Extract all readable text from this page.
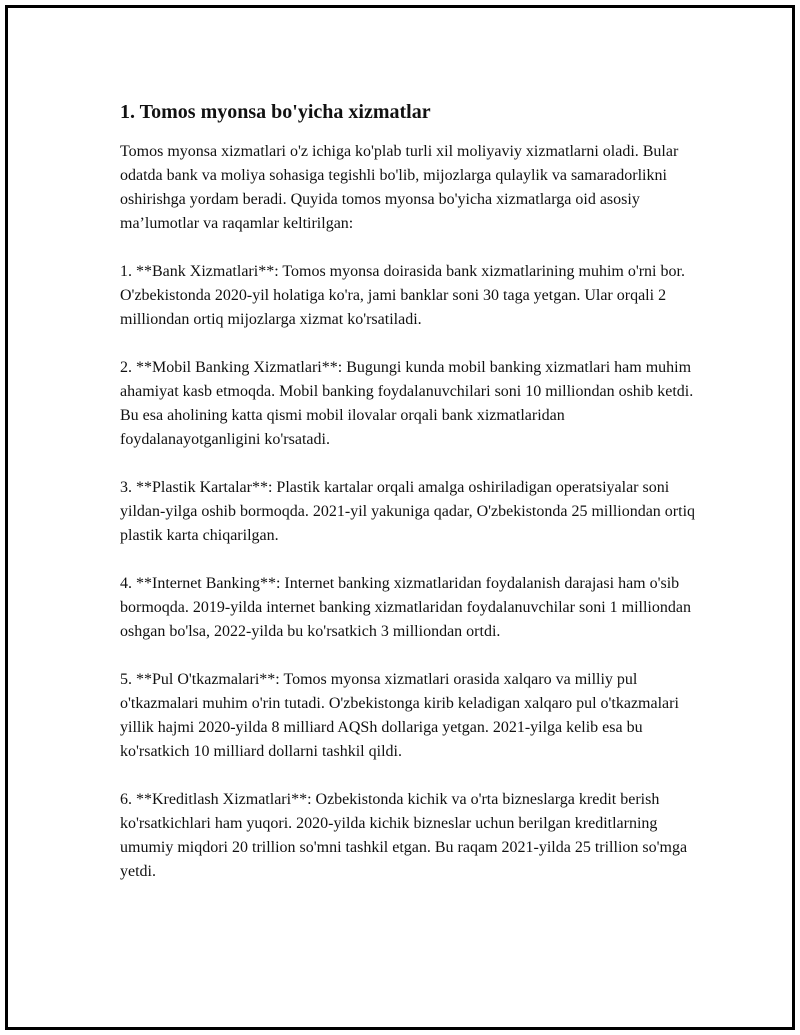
1. Tomos myonsa bo'yicha xizmatlar

Tomos myonsa xizmatlari o'z ichiga ko'plab turli xil moliyaviy xizmatlarni oladi. Bular odatda bank va moliya sohasiga tegishli bo'lib, mijozlarga qulaylik va samaradorlikni oshirishga yordam beradi. Quyida tomos myonsa bo'yicha xizmatlarga oid asosiy ma’lumotlar va raqamlar keltirilgan:

1. **Bank Xizmatlari**: Tomos myonsa doirasida bank xizmatlarining muhim o'rni bor. O'zbekistonda 2020-yil holatiga ko'ra, jami banklar soni 30 taga yetgan. Ular orqali 2 milliondan ortiq mijozlarga xizmat ko'rsatiladi.

2. **Mobil Banking Xizmatlari**: Bugungi kunda mobil banking xizmatlari ham muhim ahamiyat kasb etmoqda. Mobil banking foydalanuvchilari soni 10 milliondan oshib ketdi. Bu esa aholining katta qismi mobil ilovalar orqali bank xizmatlaridan foydalanayotganligini ko'rsatadi.

3. **Plastik Kartalar**: Plastik kartalar orqali amalga oshiriladigan operatsiyalar soni yildan-yilga oshib bormoqda. 2021-yil yakuniga qadar, O'zbekistonda 25 milliondan ortiq plastik karta chiqarilgan.

4. **Internet Banking**: Internet banking xizmatlaridan foydalanish darajasi ham o'sib bormoqda. 2019-yilda internet banking xizmatlaridan foydalanuvchilar soni 1 milliondan oshgan bo'lsa, 2022-yilda bu ko'rsatkich 3 milliondan ortdi.

5. **Pul O'tkazmalari**: Tomos myonsa xizmatlari orasida xalqaro va milliy pul o'tkazmalari muhim o'rin tutadi. O'zbekistonga kirib keladigan xalqaro pul o'tkazmalari yillik hajmi 2020-yilda 8 milliard AQSh dollariga yetgan. 2021-yilga kelib esa bu ko'rsatkich 10 milliard dollarni tashkil qildi.

6. **Kreditlash Xizmatlari**: Ozbekistonda kichik va o'rta bizneslarga kredit berish ko'rsatkichlari ham yuqori. 2020-yilda kichik bizneslar uchun berilgan kreditlarning umumiy miqdori 20 trillion so'mni tashkil etgan. Bu raqam 2021-yilda 25 trillion so'mga yetdi.
